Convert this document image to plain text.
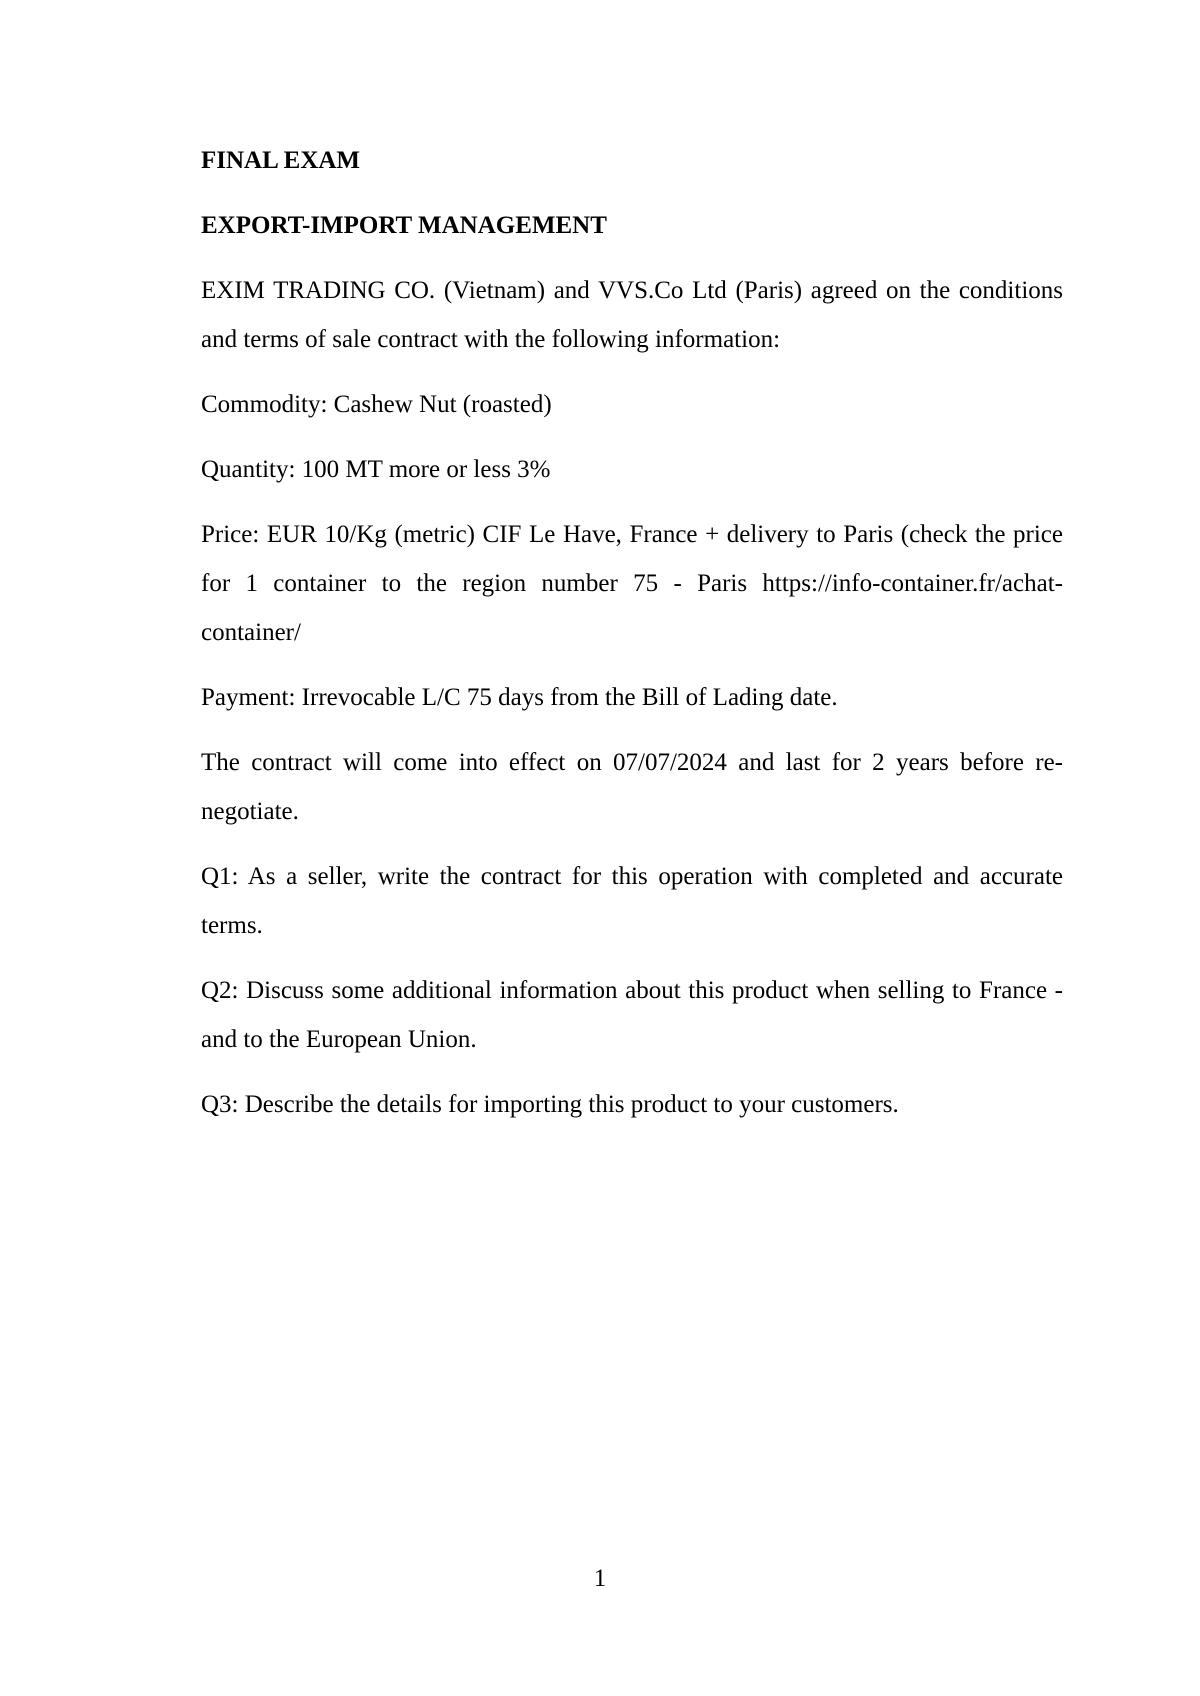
FINAL EXAM
EXPORT-IMPORT MANAGEMENT
EXIM TRADING CO. (Vietnam) and VVS.Co Ltd (Paris) agreed on the conditions and terms of sale contract with the following information:
Commodity: Cashew Nut (roasted)
Quantity: 100 MT more or less 3%
Price: EUR 10/Kg (metric) CIF Le Have, France + delivery to Paris (check the price for 1 container to the region number 75 - Paris https://info-container.fr/achat-container/
Payment: Irrevocable L/C 75 days from the Bill of Lading date.
The contract will come into effect on 07/07/2024 and last for 2 years before re-negotiate.
Q1: As a seller, write the contract for this operation with completed and accurate terms.
Q2: Discuss some additional information about this product when selling to France - and to the European Union.
Q3: Describe the details for importing this product to your customers.
1
